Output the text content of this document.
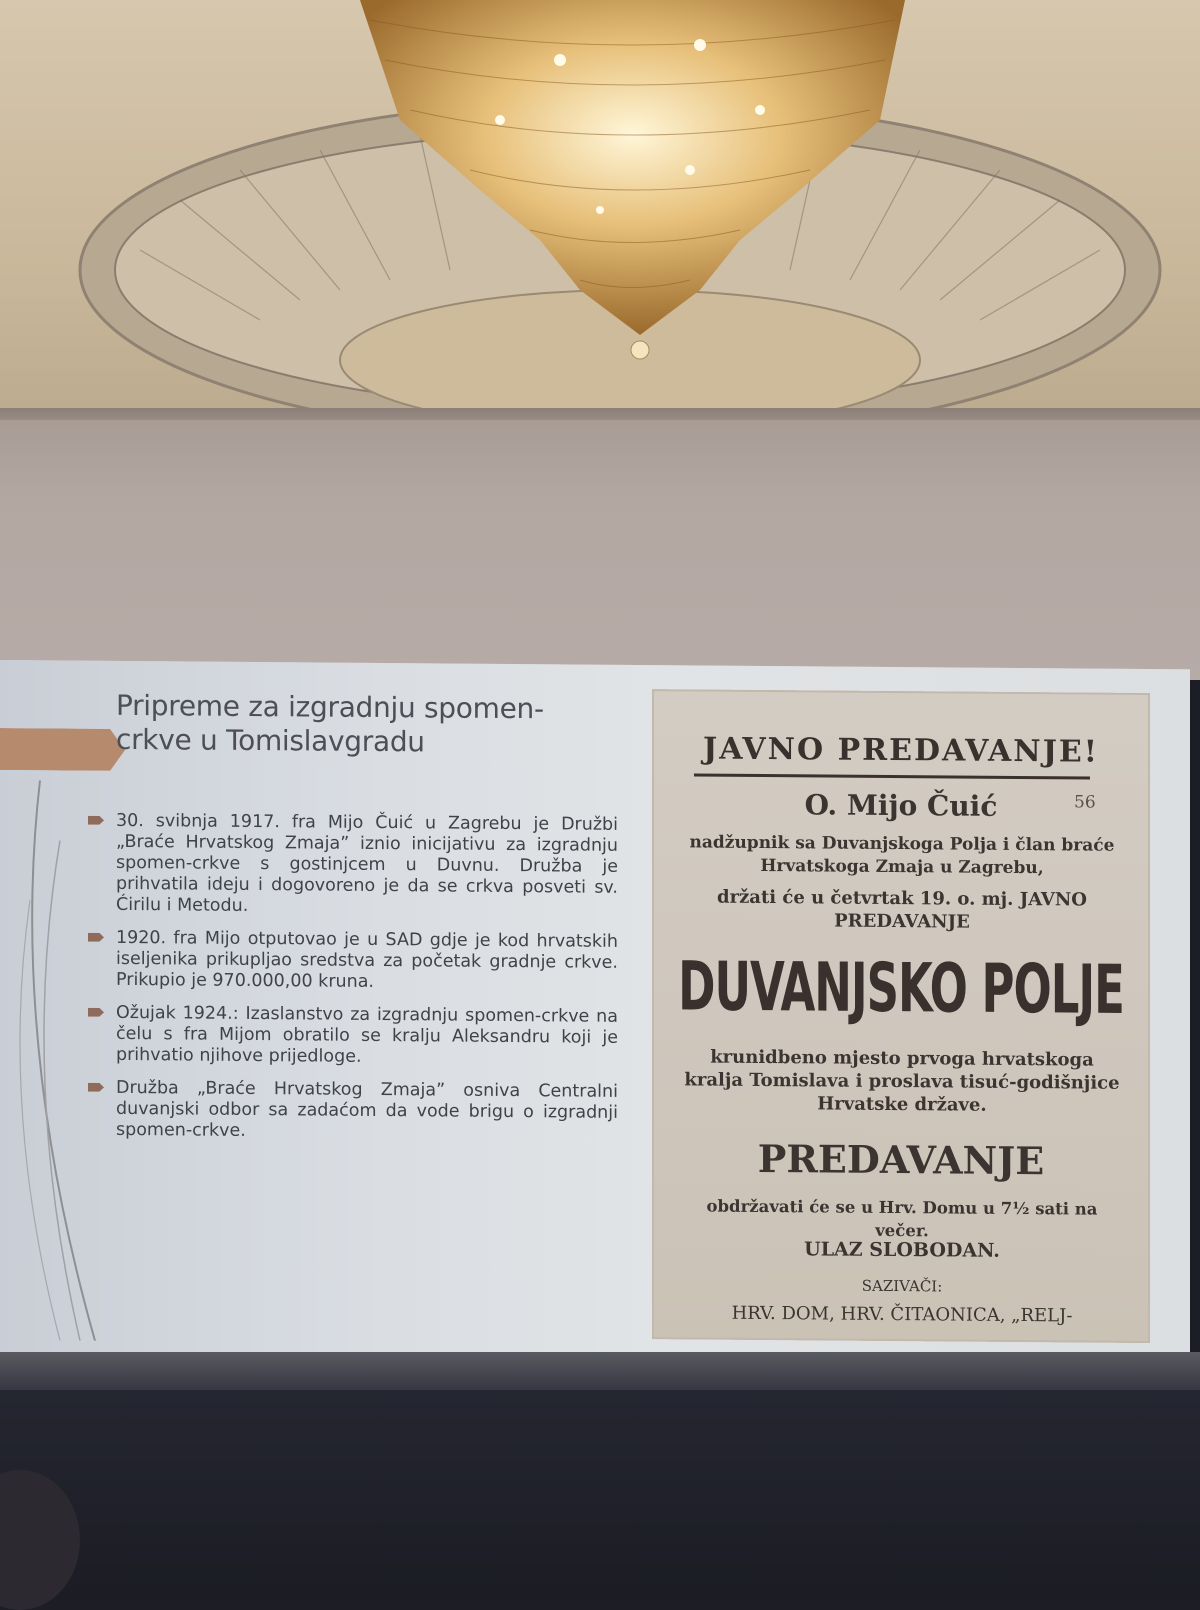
Pripreme za izgradnju spomen-crkve u Tomislavgradu
30. svibnja 1917. fra Mijo Čuić u Zagrebu je Družbi „Braće Hrvatskog Zmaja” iznio inicijativu za izgradnju spomen-crkve s gostinjcem u Duvnu. Družba je prihvatila ideju i dogovoreno je da se crkva posveti sv. Ćirilu i Metodu.
1920. fra Mijo otputovao je u SAD gdje je kod hrvatskih iseljenika prikupljao sredstva za početak gradnje crkve. Prikupio je 970.000,00 kruna.
Ožujak 1924.: Izaslanstvo za izgradnju spomen-crkve na čelu s fra Mijom obratilo se kralju Aleksandru koji je prihvatio njihove prijedloge.
Družba „Braće Hrvatskog Zmaja” osniva Centralni duvanjski odbor sa zadaćom da vode brigu o izgradnji spomen-crkve.
JAVNO PREDAVANJE!
O. Mijo Čuić	56
nadžupnik sa Duvanjskoga Polja i član braće Hrvatskoga Zmaja u Zagrebu,
držati će u četvrtak 19. o. mj. JAVNO PREDAVANJE
DUVANJSKO POLJE
krunidbeno mjesto prvoga hrvatskoga kralja Tomislava i proslava tisuć-godišnjice Hrvatske države.
PREDAVANJE
obdržavati će se u Hrv. Domu u 7½ sati na večer.
ULAZ SLOBODAN.
SAZIVAČI:
HRV. DOM, HRV. ČITAONICA, „RELJ-
